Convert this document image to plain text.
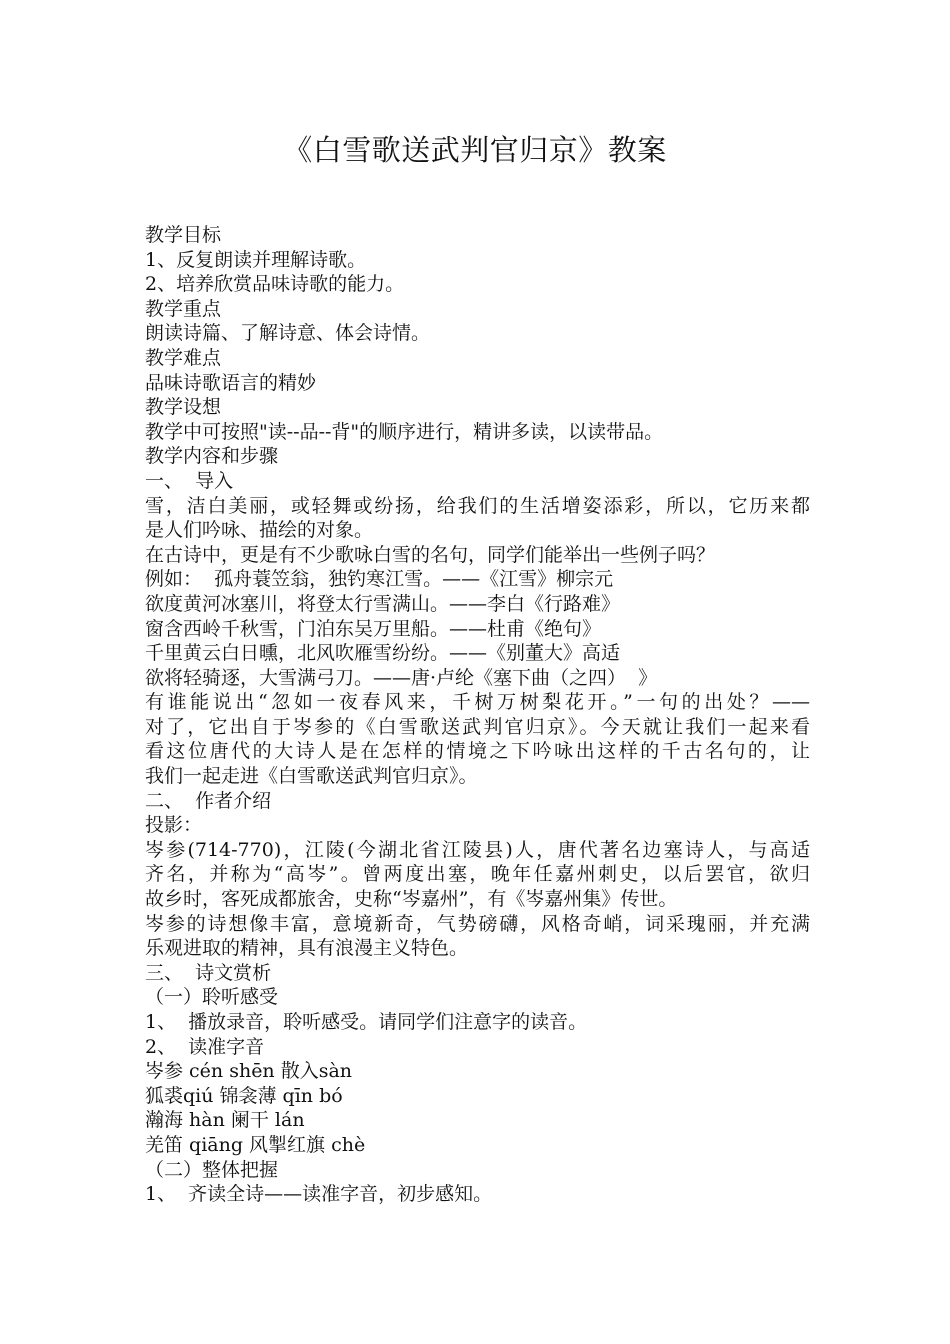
《白雪歌送武判官归京》教案
教学目标
1、反复朗读并理解诗歌。
2、培养欣赏品味诗歌的能力。
教学重点
朗读诗篇、了解诗意、体会诗情。
教学难点
品味诗歌语言的精妙
教学设想
教学中可按照"读--品--背"的顺序进行，精讲多读，以读带品。
教学内容和步骤
一、  导入
雪，洁白美丽，或轻舞或纷扬，给我们的生活增姿添彩，所以，它历来都
是人们吟咏、描绘的对象。
在古诗中，更是有不少歌咏白雪的名句，同学们能举出一些例子吗？
例如：  孤舟蓑笠翁，独钓寒江雪。——《江雪》柳宗元
欲度黄河冰塞川，将登太行雪满山。——李白《行路难》
窗含西岭千秋雪，门泊东吴万里船。——杜甫《绝句》
千里黄云白日曛，北风吹雁雪纷纷。——《别董大》高适
欲将轻骑逐，大雪满弓刀。——唐·卢纶《塞下曲（之四）  》
有谁能说出“忽如一夜春风来，千树万树梨花开。”一句的出处？——
对了，它出自于岑参的《白雪歌送武判官归京》。今天就让我们一起来看
看这位唐代的大诗人是在怎样的情境之下吟咏出这样的千古名句的，让
我们一起走进《白雪歌送武判官归京》。
二、  作者介绍
投影：
岑参(714-770)，江陵(今湖北省江陵县)人，唐代著名边塞诗人，与高适
齐名，并称为“高岑”。曾两度出塞，晚年任嘉州刺史，以后罢官，欲归
故乡时，客死成都旅舍，史称“岑嘉州”，有《岑嘉州集》传世。
岑参的诗想像丰富，意境新奇，气势磅礴，风格奇峭，词采瑰丽，并充满
乐观进取的精神，具有浪漫主义特色。
三、  诗文赏析
（一）聆听感受
1、  播放录音，聆听感受。请同学们注意字的读音。
2、  读准字音
岑参 cén shēn 散入sàn
狐裘qiú 锦衾薄 qīn bó
瀚海 hàn 阑干 lán
羌笛 qiāng 风掣红旗 chè
（二）整体把握
1、  齐读全诗——读准字音，初步感知。
